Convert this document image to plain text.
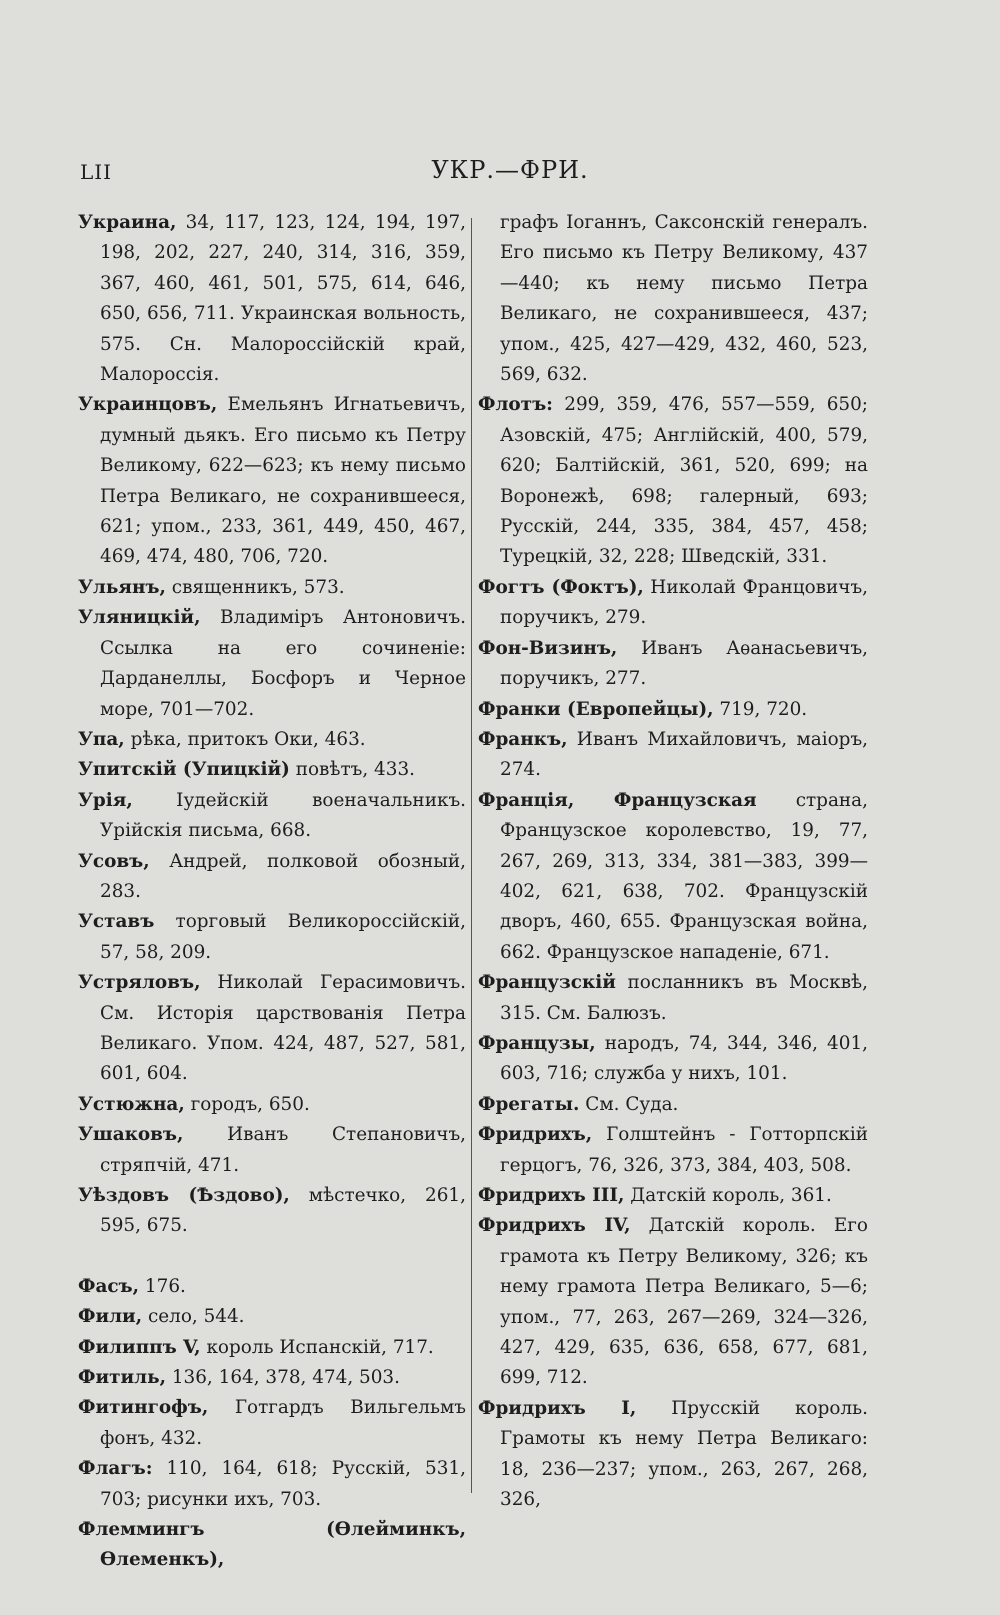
LII	УКР.—ФРИ.

Украина, 34, 117, 123, 124, 194, 197, 198, 202, 227, 240, 314, 316, 359, 367, 460, 461, 501, 575, 614, 646, 650, 656, 711. Украинская вольность, 575. Сн. Малороссійскій край, Малороссія.

Украинцовъ, Емельянъ Игнатьевичъ, думный дьякъ. Его письмо къ Петру Великому, 622—623; къ нему письмо Петра Великаго, не сохранившееся, 621; упом., 233, 361, 449, 450, 467, 469, 474, 480, 706, 720.

Ульянъ, священникъ, 573.

Уляницкій, Владиміръ Антоновичъ. Ссылка на его сочиненіе: Дарданеллы, Босфоръ и Черное море, 701—702.

Упа, рѣка, притокъ Оки, 463.

Упитскій (Упицкій) повѣтъ, 433.

Урія, Іудейскій военачальникъ. Урійскія письма, 668.

Усовъ, Андрей, полковой обозный, 283.

Уставъ торговый Великороссійскій, 57, 58, 209.

Устряловъ, Николай Герасимовичъ. См. Исторія царствованія Петра Великаго. Упом. 424, 487, 527, 581, 601, 604.

Устюжна, городъ, 650.

Ушаковъ, Иванъ Степановичъ, стряпчій, 471.

Уѣздовъ (Ѣздово), мѣстечко, 261, 595, 675.

Фасъ, 176.

Фили, село, 544.

Филиппъ V, король Испанскій, 717.

Фитиль, 136, 164, 378, 474, 503.

Фитингофъ, Готгардъ Вильгельмъ фонъ, 432.

Флагъ: 110, 164, 618; Русскій, 531, 703; рисунки ихъ, 703.

Флеммингъ (Ѳлейминкъ, Ѳлеменкъ),

графъ Іоганнъ, Саксонскій генералъ. Его письмо къ Петру Великому, 437—440; къ нему письмо Петра Великаго, не сохранившееся, 437; упом., 425, 427—429, 432, 460, 523, 569, 632.

Флотъ: 299, 359, 476, 557—559, 650; Азовскій, 475; Англійскій, 400, 579, 620; Балтійскій, 361, 520, 699; на Воронежѣ, 698; галерный, 693; Русскій, 244, 335, 384, 457, 458; Турецкій, 32, 228; Шведскій, 331.

Фогтъ (Фоктъ), Николай Францовичъ, поручикъ, 279.

Фон-Визинъ, Иванъ Аѳанасьевичъ, поручикъ, 277.

Франки (Европейцы), 719, 720.

Франкъ, Иванъ Михайловичъ, маіоръ, 274.

Франція, Французская страна, Французское королевство, 19, 77, 267, 269, 313, 334, 381—383, 399—402, 621, 638, 702. Французскій дворъ, 460, 655. Французская война, 662. Французское нападеніе, 671.

Французскій посланникъ въ Москвѣ, 315. См. Балюзъ.

Французы, народъ, 74, 344, 346, 401, 603, 716; служба у нихъ, 101.

Фрегаты. См. Суда.

Фридрихъ, Голштейнъ - Готторпскій герцогъ, 76, 326, 373, 384, 403, 508.

Фридрихъ III, Датскій король, 361.

Фридрихъ IV, Датскій король. Его грамота къ Петру Великому, 326; къ нему грамота Петра Великаго, 5—6; упом., 77, 263, 267—269, 324—326, 427, 429, 635, 636, 658, 677, 681, 699, 712.

Фридрихъ I, Прусскій король. Грамоты къ нему Петра Великаго: 18, 236—237; упом., 263, 267, 268, 326,
